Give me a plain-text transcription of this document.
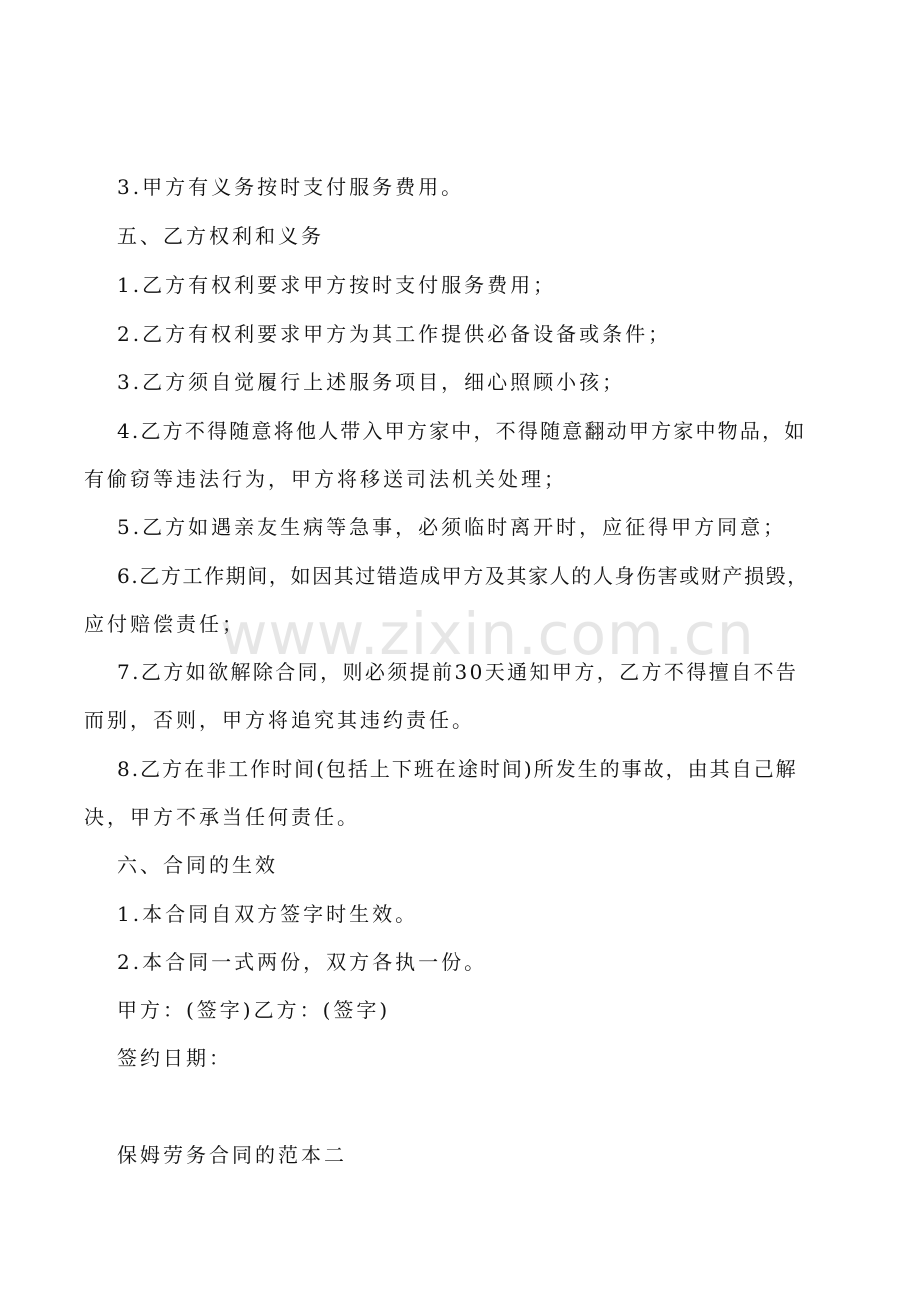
www.zixin.com.cn
3.甲方有义务按时支付服务费用。
五、乙方权利和义务
1.乙方有权利要求甲方按时支付服务费用；
2.乙方有权利要求甲方为其工作提供必备设备或条件；
3.乙方须自觉履行上述服务项目，细心照顾小孩；
4.乙方不得随意将他人带入甲方家中，不得随意翻动甲方家中物品，如
有偷窃等违法行为，甲方将移送司法机关处理；
5.乙方如遇亲友生病等急事，必须临时离开时，应征得甲方同意；
6.乙方工作期间，如因其过错造成甲方及其家人的人身伤害或财产损毁，
应付赔偿责任；
7.乙方如欲解除合同，则必须提前30天通知甲方，乙方不得擅自不告
而别，否则，甲方将追究其违约责任。
8.乙方在非工作时间(包括上下班在途时间)所发生的事故，由其自己解
决，甲方不承当任何责任。
六、合同的生效
1.本合同自双方签字时生效。
2.本合同一式两份，双方各执一份。
甲方：(签字)乙方：(签字)
签约日期：
保姆劳务合同的范本二
